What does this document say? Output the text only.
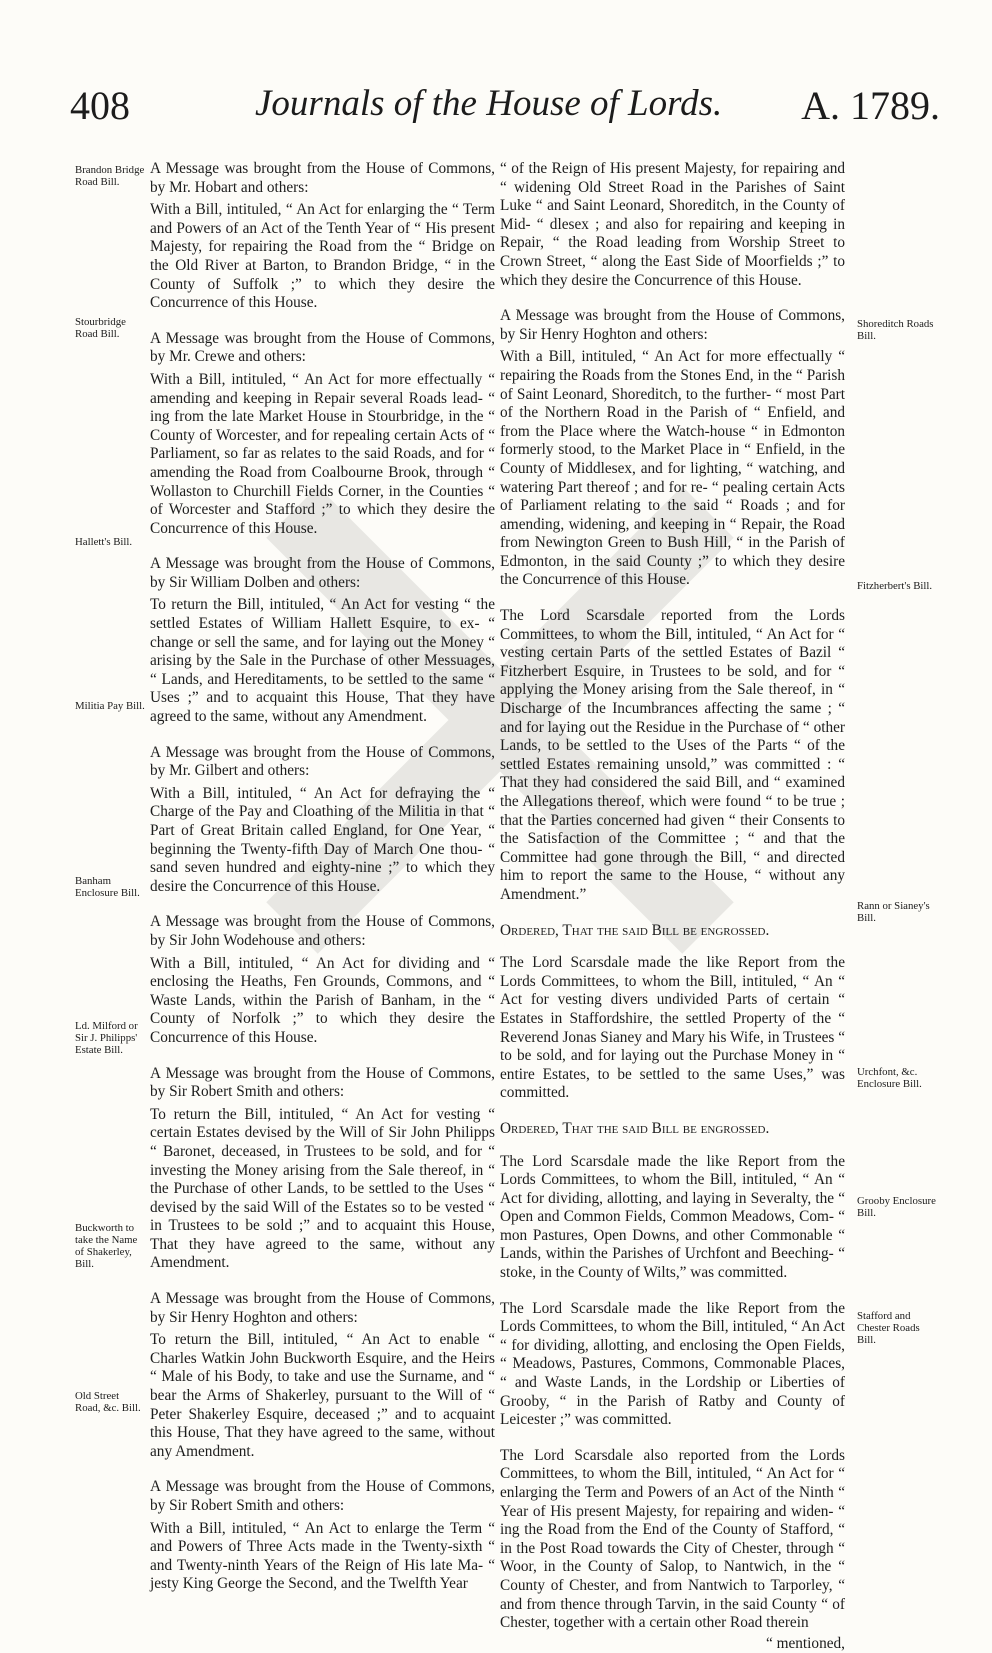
408	Journals of the House of Lords. A. 1789.
Brandon Bridge Road Bill.
Stourbridge Road Bill.
Hallett's Bill.
Militia Pay Bill.
Banham Enclosure Bill.
Ld. Milford or Sir J. Philipps' Estate Bill.
Buckworth to take the Name of Shakerley, Bill.
Old Street Road, &c. Bill.
Shoreditch Roads Bill.
Fitzherbert's Bill.
Rann or Sianey's Bill.
Urchfont, &c. Enclosure Bill.
Grooby Enclosure Bill.
Stafford and Chester Roads Bill.
A Message was brought from the House of Commons, by Mr. Hobart and others:
With a Bill, intituled, “ An Act for enlarging the “ Term and Powers of an Act of the Tenth Year of “ His present Majesty, for repairing the Road from the “ Bridge on the Old River at Barton, to Brandon Bridge, “ in the County of Suffolk ;” to which they desire the Concurrence of this House.
A Message was brought from the House of Commons, by Mr. Crewe and others:
With a Bill, intituled, “ An Act for more effectually “ amending and keeping in Repair several Roads lead- “ ing from the late Market House in Stourbridge, in the “ County of Worcester, and for repealing certain Acts of “ Parliament, so far as relates to the said Roads, and for “ amending the Road from Coalbourne Brook, through “ Wollaston to Churchill Fields Corner, in the Counties “ of Worcester and Stafford ;” to which they desire the Concurrence of this House.
A Message was brought from the House of Commons, by Sir William Dolben and others:
To return the Bill, intituled, “ An Act for vesting “ the settled Estates of William Hallett Esquire, to ex- “ change or sell the same, and for laying out the Money “ arising by the Sale in the Purchase of other Messuages, “ Lands, and Hereditaments, to be settled to the same “ Uses ;” and to acquaint this House, That they have agreed to the same, without any Amendment.
A Message was brought from the House of Commons, by Mr. Gilbert and others:
With a Bill, intituled, “ An Act for defraying the “ Charge of the Pay and Cloathing of the Militia in that “ Part of Great Britain called England, for One Year, “ beginning the Twenty-fifth Day of March One thou- “ sand seven hundred and eighty-nine ;” to which they desire the Concurrence of this House.
A Message was brought from the House of Commons, by Sir John Wodehouse and others:
With a Bill, intituled, “ An Act for dividing and “ enclosing the Heaths, Fen Grounds, Commons, and “ Waste Lands, within the Parish of Banham, in the “ County of Norfolk ;” to which they desire the Concurrence of this House.
A Message was brought from the House of Commons, by Sir Robert Smith and others:
To return the Bill, intituled, “ An Act for vesting “ certain Estates devised by the Will of Sir John Philipps “ Baronet, deceased, in Trustees to be sold, and for “ investing the Money arising from the Sale thereof, in “ the Purchase of other Lands, to be settled to the Uses “ devised by the said Will of the Estates so to be vested “ in Trustees to be sold ;” and to acquaint this House, That they have agreed to the same, without any Amendment.
A Message was brought from the House of Commons, by Sir Henry Hoghton and others:
To return the Bill, intituled, “ An Act to enable “ Charles Watkin John Buckworth Esquire, and the Heirs “ Male of his Body, to take and use the Surname, and “ bear the Arms of Shakerley, pursuant to the Will of “ Peter Shakerley Esquire, deceased ;” and to acquaint this House, That they have agreed to the same, without any Amendment.
A Message was brought from the House of Commons, by Sir Robert Smith and others:
With a Bill, intituled, “ An Act to enlarge the Term “ and Powers of Three Acts made in the Twenty-sixth “ and Twenty-ninth Years of the Reign of His late Ma- “ jesty King George the Second, and the Twelfth Year
“ of the Reign of His present Majesty, for repairing and “ widening Old Street Road in the Parishes of Saint Luke “ and Saint Leonard, Shoreditch, in the County of Mid- “ dlesex ; and also for repairing and keeping in Repair, “ the Road leading from Worship Street to Crown Street, “ along the East Side of Moorfields ;” to which they desire the Concurrence of this House.
A Message was brought from the House of Commons, by Sir Henry Hoghton and others:
With a Bill, intituled, “ An Act for more effectually “ repairing the Roads from the Stones End, in the “ Parish of Saint Leonard, Shoreditch, to the further- “ most Part of the Northern Road in the Parish of “ Enfield, and from the Place where the Watch-house “ in Edmonton formerly stood, to the Market Place in “ Enfield, in the County of Middlesex, and for lighting, “ watching, and watering Part thereof ; and for re- “ pealing certain Acts of Parliament relating to the said “ Roads ; and for amending, widening, and keeping in “ Repair, the Road from Newington Green to Bush Hill, “ in the Parish of Edmonton, in the said County ;” to which they desire the Concurrence of this House.
The Lord Scarsdale reported from the Lords Committees, to whom the Bill, intituled, “ An Act for “ vesting certain Parts of the settled Estates of Bazil “ Fitzherbert Esquire, in Trustees to be sold, and for “ applying the Money arising from the Sale thereof, in “ Discharge of the Incumbrances affecting the same ; “ and for laying out the Residue in the Purchase of “ other Lands, to be settled to the Uses of the Parts “ of the settled Estates remaining unsold,” was committed : “ That they had considered the said Bill, and “ examined the Allegations thereof, which were found “ to be true ; that the Parties concerned had given “ their Consents to the Satisfaction of the Committee ; “ and that the Committee had gone through the Bill, “ and directed him to report the same to the House, “ without any Amendment.”
Ordered, That the said Bill be engrossed.
The Lord Scarsdale made the like Report from the Lords Committees, to whom the Bill, intituled, “ An “ Act for vesting divers undivided Parts of certain “ Estates in Staffordshire, the settled Property of the “ Reverend Jonas Sianey and Mary his Wife, in Trustees “ to be sold, and for laying out the Purchase Money in “ entire Estates, to be settled to the same Uses,” was committed.
Ordered, That the said Bill be engrossed.
The Lord Scarsdale made the like Report from the Lords Committees, to whom the Bill, intituled, “ An “ Act for dividing, allotting, and laying in Severalty, the “ Open and Common Fields, Common Meadows, Com- “ mon Pastures, Open Downs, and other Commonable “ Lands, within the Parishes of Urchfont and Beeching- “ stoke, in the County of Wilts,” was committed.
The Lord Scarsdale made the like Report from the Lords Committees, to whom the Bill, intituled, “ An Act “ for dividing, allotting, and enclosing the Open Fields, “ Meadows, Pastures, Commons, Commonable Places, “ and Waste Lands, in the Lordship or Liberties of Grooby, “ in the Parish of Ratby and County of Leicester ;” was committed.
The Lord Scarsdale also reported from the Lords Committees, to whom the Bill, intituled, “ An Act for “ enlarging the Term and Powers of an Act of the Ninth “ Year of His present Majesty, for repairing and widen- “ ing the Road from the End of the County of Stafford, “ in the Post Road towards the City of Chester, through “ Woor, in the County of Salop, to Nantwich, in the “ County of Chester, and from Nantwich to Tarporley, “ and from thence through Tarvin, in the said County “ of Chester, together with a certain other Road therein
“ mentioned,
